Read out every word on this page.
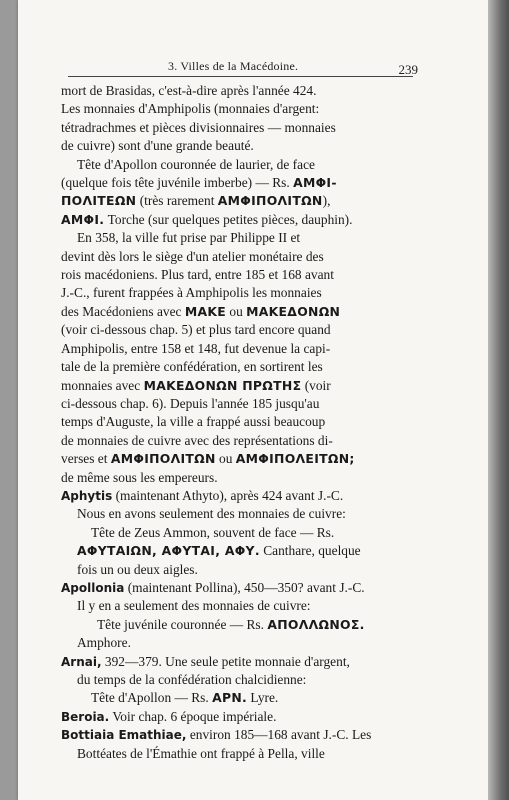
3. Villes de la Macédoine.	239

mort de Brasidas, c'est-à-dire après l'année 424.

Les monnaies d'Amphipolis (monnaies d'argent:

tétradrachmes et pièces divisionnaires — monnaies

de cuivre) sont d'une grande beauté.

Tête d'Apollon couronnée de laurier, de face

(quelque fois tête juvénile imberbe) — Rs. ΑΜΦΙ-

ΠΟΛΙΤΕΩΝ (très rarement ΑΜΦΙΠΟΛΙΤΩΝ),

ΑΜΦΙ. Torche (sur quelques petites pièces, dauphin).

En 358, la ville fut prise par Philippe II et

devint dès lors le siège d'un atelier monétaire des

rois macédoniens. Plus tard, entre 185 et 168 avant

J.-C., furent frappées à Amphipolis les monnaies

des Macédoniens avec ΜΑΚΕ ou ΜΑΚΕΔΟΝΩΝ

(voir ci-dessous chap. 5) et plus tard encore quand

Amphipolis, entre 158 et 148, fut devenue la capi-

tale de la première confédération, en sortirent les

monnaies avec ΜΑΚΕΔΟΝΩΝ ΠΡΩΤΗΣ (voir

ci-dessous chap. 6). Depuis l'année 185 jusqu'au

temps d'Auguste, la ville a frappé aussi beaucoup

de monnaies de cuivre avec des représentations di-

verses et ΑΜΦΙΠΟΛΙΤΩΝ ou ΑΜΦΙΠΟΛΕΙΤΩΝ;

de même sous les empereurs.

Aphytis (maintenant Athyto), après 424 avant J.-C.

Nous en avons seulement des monnaies de cuivre:

Tête de Zeus Ammon, souvent de face — Rs.

ΑΦΥΤΑΙΩΝ, ΑΦΥΤΑΙ, ΑΦΥ. Canthare, quelque

fois un ou deux aigles.

Apollonia (maintenant Pollina), 450—350? avant J.-C.

Il y en a seulement des monnaies de cuivre:

Tête juvénile couronnée — Rs. ΑΠΟΛΛΩΝΟΣ.

Amphore.

Arnai, 392—379. Une seule petite monnaie d'argent,

du temps de la confédération chalcidienne:

Tête d'Apollon — Rs. ΑΡΝ. Lyre.

Beroia. Voir chap. 6 époque impériale.

Bottiaia Emathiae, environ 185—168 avant J.-C. Les

Bottéates de l'Émathie ont frappé à Pella, ville
